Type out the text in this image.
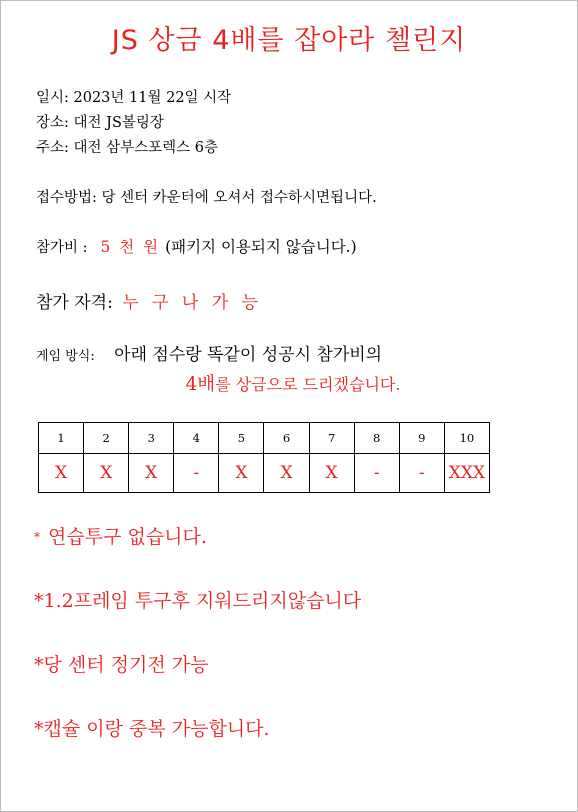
JS 상금 4배를 잡아라 첼린지
일시: 2023년 11월 22일 시작
장소: 대전 JS볼링장
주소: 대전 삼부스포렉스 6층
접수방법: 당 센터 카운터에 오셔서 접수하시면됩니다.
참가비 : 5 천 원 (패키지 이용되지 않습니다.)
참가 자격: 누 구 나 가 능
게임 방식: 아래 점수랑 똑같이 성공시 참가비의
4배를 상금으로 드리겠습니다.
1	2	3	4	5	6	7	8	9	10
X	X	X	-	X	X	X	-	-	XXX
* 연습투구 없습니다.
*1.2프레임 투구후 지워드리지않습니다
*당 센터 정기전 가능
*캡슐 이랑 중복 가능합니다.
